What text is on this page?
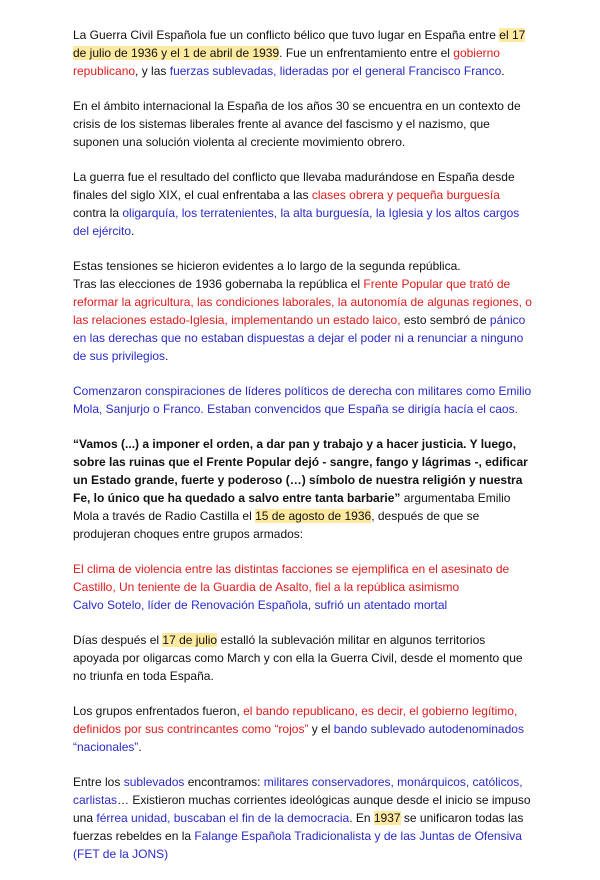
La Guerra Civil Española fue un conflicto bélico que tuvo lugar en España entre el 17 de julio de 1936 y el 1 de abril de 1939. Fue un enfrentamiento entre el gobierno republicano, y las fuerzas sublevadas, lideradas por el general Francisco Franco.

En el ámbito internacional la España de los años 30 se encuentra en un contexto de crisis de los sistemas liberales frente al avance del fascismo y el nazismo, que suponen una solución violenta al creciente movimiento obrero.

La guerra fue el resultado del conflicto que llevaba madurándose en España desde finales del siglo XIX, el cual enfrentaba a las clases obrera y pequeña burguesía contra la oligarquía, los terratenientes, la alta burguesía, la Iglesia y los altos cargos del ejército.

Estas tensiones se hicieron evidentes a lo largo de la segunda república.

Tras las elecciones de 1936 gobernaba la república el Frente Popular que trató de reformar la agricultura, las condiciones laborales, la autonomía de algunas regiones, o las relaciones estado-Iglesia, implementando un estado laico, esto sembró de pánico en las derechas que no estaban dispuestas a dejar el poder ni a renunciar a ninguno de sus privilegios.

Comenzaron conspiraciones de líderes políticos de derecha con militares como Emilio Mola, Sanjurjo o Franco. Estaban convencidos que España se dirigía hacía el caos.

“Vamos (...) a imponer el orden, a dar pan y trabajo y a hacer justicia. Y luego, sobre las ruinas que el Frente Popular dejó - sangre, fango y lágrimas -, edificar un Estado grande, fuerte y poderoso (…) símbolo de nuestra religión y nuestra Fe, lo único que ha quedado a salvo entre tanta barbarie” argumentaba Emilio Mola a través de Radio Castilla el 15 de agosto de 1936, después de que se produjeran choques entre grupos armados:

El clima de violencia entre las distintas facciones se ejemplifica en el asesinato de Castillo, Un teniente de la Guardia de Asalto, fiel a la república asimismo
Calvo Sotelo, líder de Renovación Española, sufrió un atentado mortal

Días después el 17 de julio estalló la sublevación militar en algunos territorios apoyada por oligarcas como March y con ella la Guerra Civil, desde el momento que no triunfa en toda España.

Los grupos enfrentados fueron, el bando republicano, es decir, el gobierno legítimo, definidos por sus contrincantes como “rojos” y el bando sublevado autodenominados “nacionales”.

Entre los sublevados encontramos: militares conservadores, monárquicos, católicos, carlistas… Existieron muchas corrientes ideológicas aunque desde el inicio se impuso una férrea unidad, buscaban el fin de la democracia. En 1937 se unificaron todas las fuerzas rebeldes en la Falange Española Tradicionalista y de las Juntas de Ofensiva (FET de la JONS)
